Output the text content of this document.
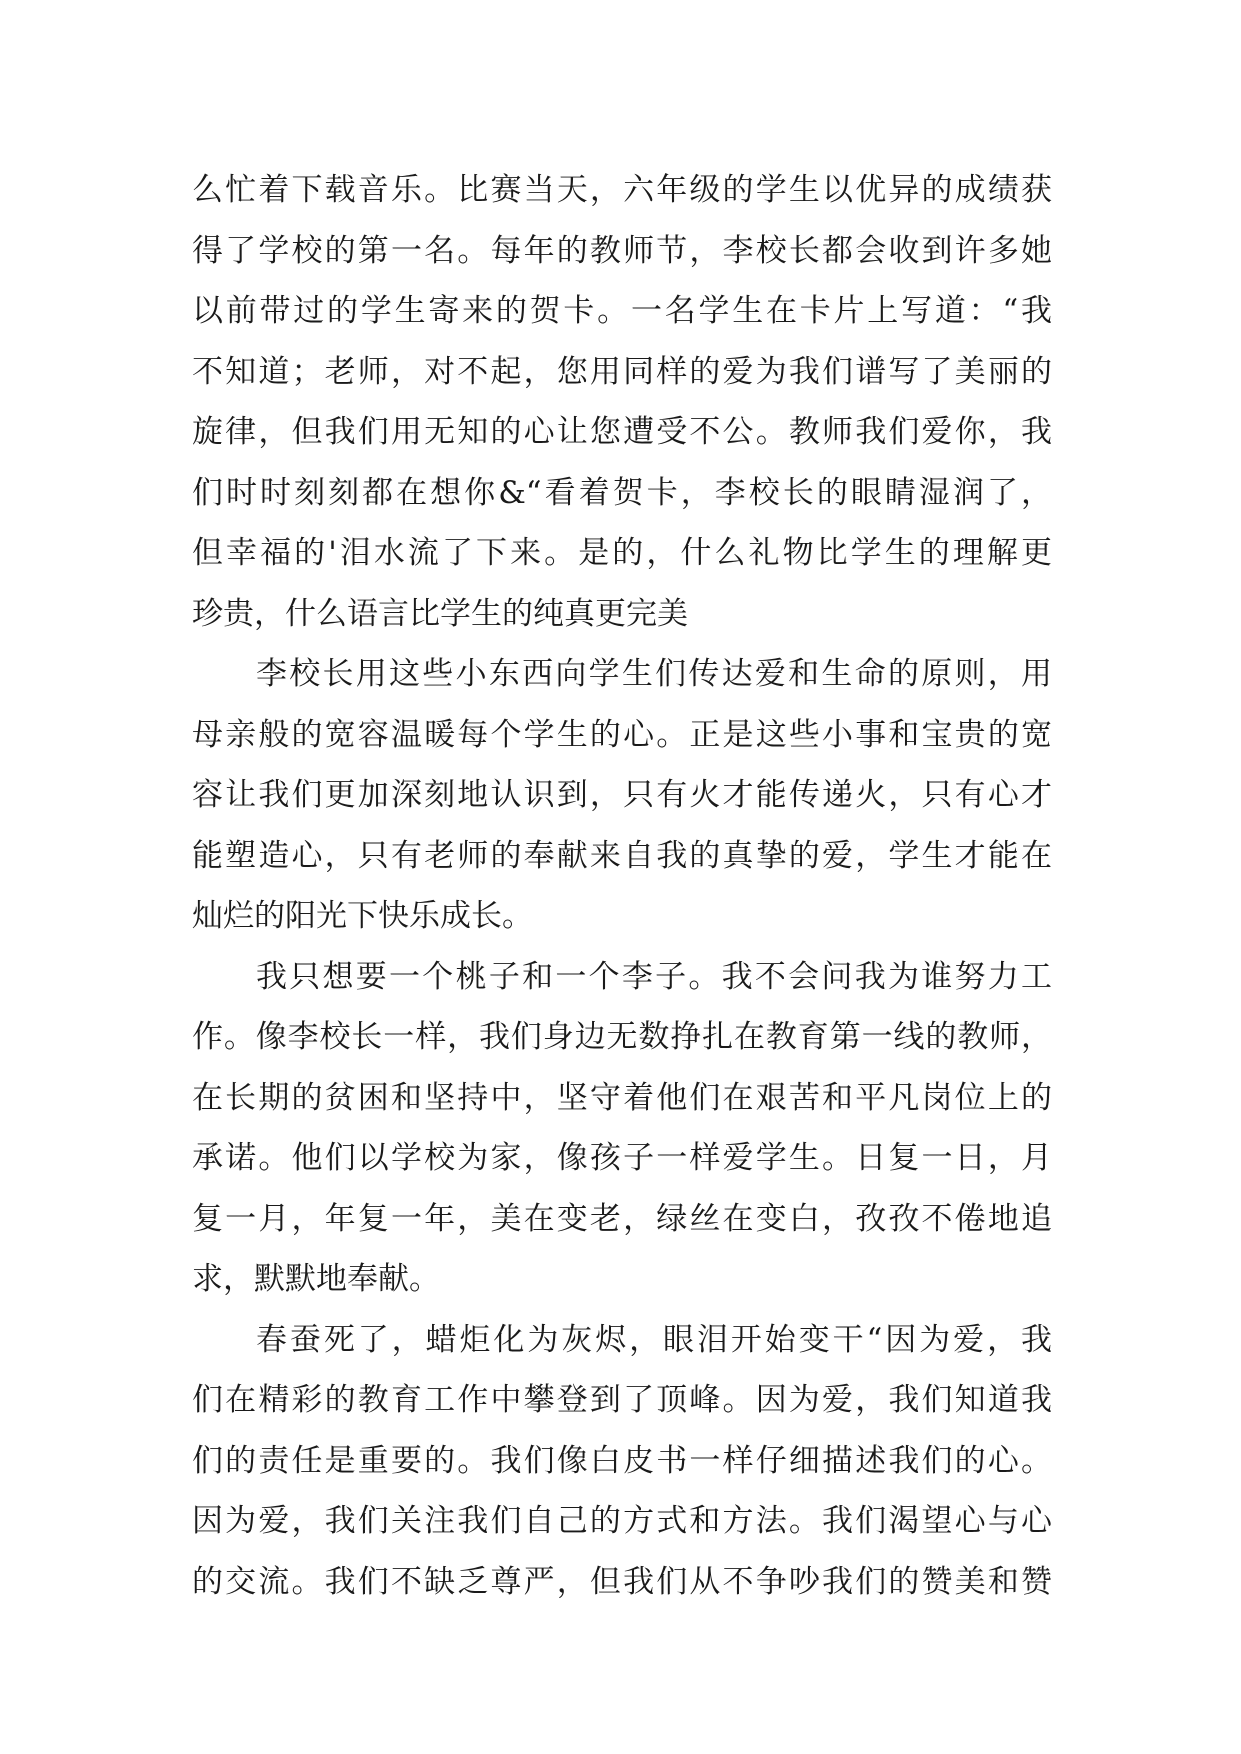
么忙着下载音乐。比赛当天，六年级的学生以优异的成绩获
得了学校的第一名。每年的教师节，李校长都会收到许多她
以前带过的学生寄来的贺卡。一名学生在卡片上写道：“我
不知道；老师，对不起，您用同样的爱为我们谱写了美丽的
旋律，但我们用无知的心让您遭受不公。教师我们爱你，我
们时时刻刻都在想你&“看着贺卡，李校长的眼睛湿润了，
但幸福的'泪水流了下来。是的，什么礼物比学生的理解更
珍贵，什么语言比学生的纯真更完美
李校长用这些小东西向学生们传达爱和生命的原则，用
母亲般的宽容温暖每个学生的心。正是这些小事和宝贵的宽
容让我们更加深刻地认识到，只有火才能传递火，只有心才
能塑造心，只有老师的奉献来自我的真挚的爱，学生才能在
灿烂的阳光下快乐成长。
我只想要一个桃子和一个李子。我不会问我为谁努力工
作。像李校长一样，我们身边无数挣扎在教育第一线的教师，
在长期的贫困和坚持中，坚守着他们在艰苦和平凡岗位上的
承诺。他们以学校为家，像孩子一样爱学生。日复一日，月
复一月，年复一年，美在变老，绿丝在变白，孜孜不倦地追
求，默默地奉献。
春蚕死了，蜡炬化为灰烬，眼泪开始变干“因为爱，我
们在精彩的教育工作中攀登到了顶峰。因为爱，我们知道我
们的责任是重要的。我们像白皮书一样仔细描述我们的心。
因为爱，我们关注我们自己的方式和方法。我们渴望心与心
的交流。我们不缺乏尊严，但我们从不争吵我们的赞美和赞
